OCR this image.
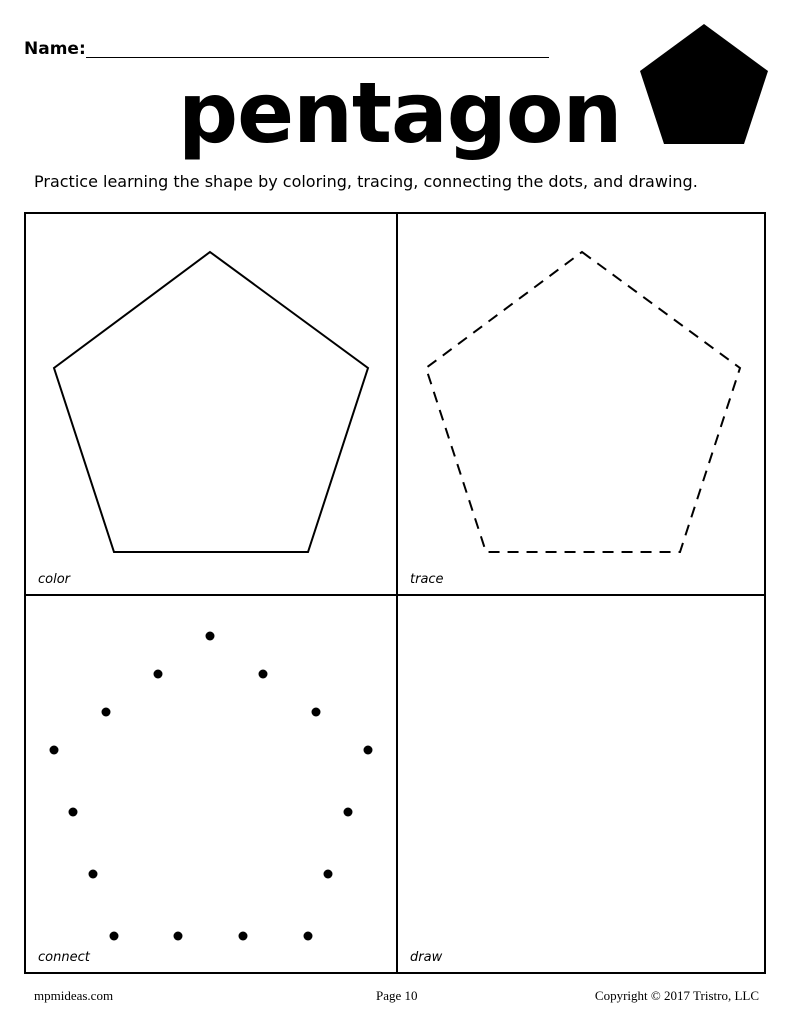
Name:
pentagon
Practice learning the shape by coloring, tracing, connecting the dots, and drawing.
color	trace
connect	draw
mpmideas.com	Page 10	Copyright © 2017 Tristro, LLC
